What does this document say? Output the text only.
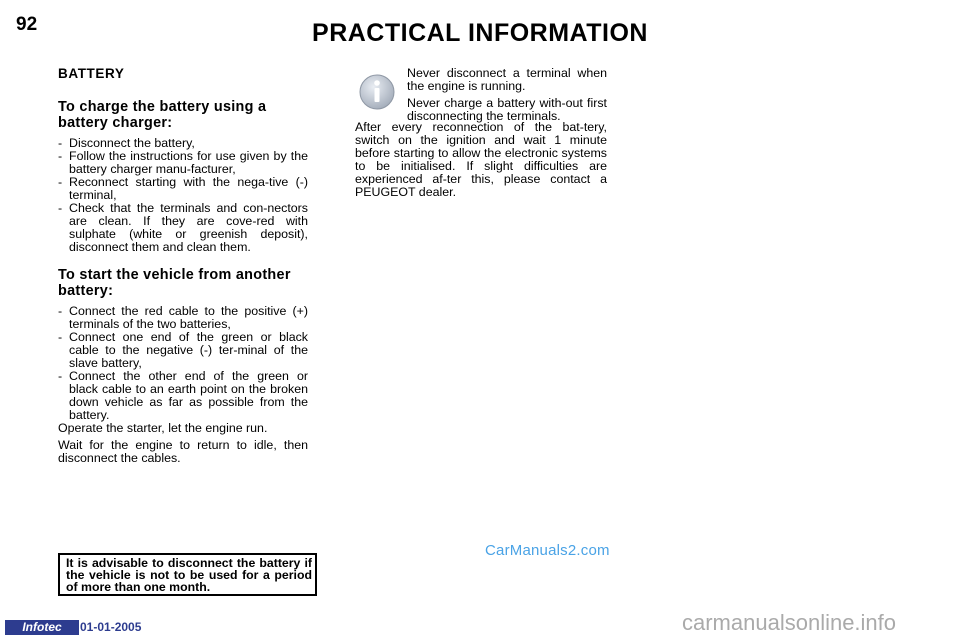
92	PRACTICAL INFORMATION
BATTERY
To charge the battery using a battery charger:
- Disconnect the battery,
- Follow the instructions for use given by the battery charger manu-facturer,
- Reconnect starting with the nega-tive (-) terminal,
- Check that the terminals and con-nectors are clean. If they are cove-red with sulphate (white or greenish deposit), disconnect them and clean them.
To start the vehicle from another battery:
- Connect the red cable to the positive (+) terminals of the two batteries,
- Connect one end of the green or black cable to the negative (-) ter-minal of the slave battery,
- Connect the other end of the green or black cable to an earth point on the broken down vehicle as far as possible from the battery.

Operate the starter, let the engine run.

Wait for the engine to return to idle, then disconnect the cables.

It is advisable to disconnect the battery if the vehicle is not to be used for a period of more than one month.

Never disconnect a terminal when the engine is running.

Never charge a battery with-out first disconnecting the terminals.

After every reconnection of the bat-tery, switch on the ignition and wait 1 minute before starting to allow the electronic systems to be initialised. If slight difficulties are experienced af-ter this, please contact a PEUGEOT dealer.

CarManuals2.com
Infotec	01-01-2005	carmanualsonline.info
